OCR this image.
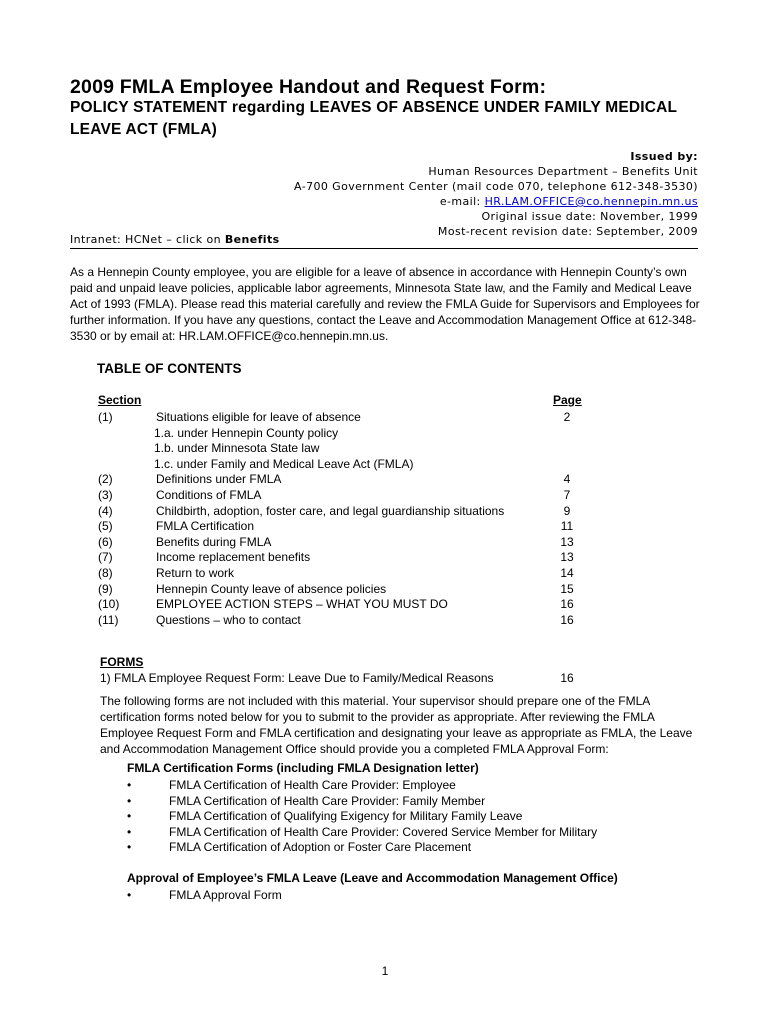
2009 FMLA Employee Handout and Request Form:
POLICY STATEMENT regarding LEAVES OF ABSENCE UNDER FAMILY MEDICAL LEAVE ACT (FMLA)
Issued by:
Human Resources Department – Benefits Unit
A-700 Government Center (mail code 070, telephone 612-348-3530)
e-mail: HR.LAM.OFFICE@co.hennepin.mn.us
Original issue date: November, 1999
Most-recent revision date: September, 2009
Intranet: HCNet – click on Benefits
As a Hennepin County employee, you are eligible for a leave of absence in accordance with Hennepin County’s own paid and unpaid leave policies, applicable labor agreements, Minnesota State law, and the Family and Medical Leave Act of 1993 (FMLA). Please read this material carefully and review the FMLA Guide for Supervisors and Employees for further information. If you have any questions, contact the Leave and Accommodation Management Office at 612-348-3530 or by email at: HR.LAM.OFFICE@co.hennepin.mn.us.
TABLE OF CONTENTS
Section	Page
(1)	Situations eligible for leave of absence	2
1.a. under Hennepin County policy
1.b. under Minnesota State law
1.c. under Family and Medical Leave Act (FMLA)
(2)	Definitions under FMLA	4
(3)	Conditions of FMLA	7
(4)	Childbirth, adoption, foster care, and legal guardianship situations	9
(5)	FMLA Certification	11
(6)	Benefits during FMLA	13
(7)	Income replacement benefits	13
(8)	Return to work	14
(9)	Hennepin County leave of absence policies	15
(10)	EMPLOYEE ACTION STEPS – WHAT YOU MUST DO	16
(11)	Questions – who to contact	16
FORMS
1) FMLA Employee Request Form: Leave Due to Family/Medical Reasons	16
The following forms are not included with this material. Your supervisor should prepare one of the FMLA certification forms noted below for you to submit to the provider as appropriate. After reviewing the FMLA Employee Request Form and FMLA certification and designating your leave as appropriate as FMLA, the Leave and Accommodation Management Office should provide you a completed FMLA Approval Form:
FMLA Certification Forms (including FMLA Designation letter)
•	FMLA Certification of Health Care Provider: Employee
•	FMLA Certification of Health Care Provider: Family Member
•	FMLA Certification of Qualifying Exigency for Military Family Leave
•	FMLA Certification of Health Care Provider: Covered Service Member for Military
•	FMLA Certification of Adoption or Foster Care Placement
Approval of Employee’s FMLA Leave (Leave and Accommodation Management Office)
•	FMLA Approval Form
1
